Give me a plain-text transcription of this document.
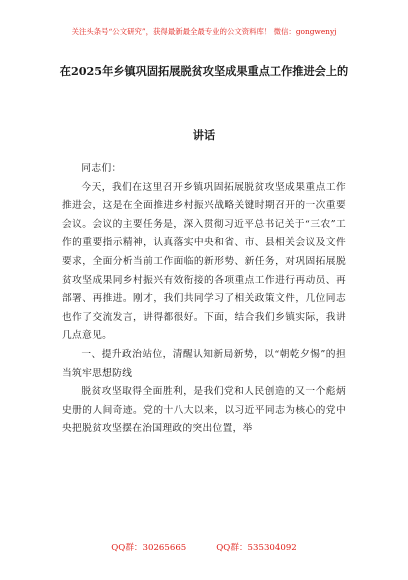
关注头条号“公文研究”，获得最新最全最专业的公文资料库！ 微信：gongwenyj
在2025年乡镇巩固拓展脱贫攻坚成果重点工作推进会上的
讲话

同志们：

今天，我们在这里召开乡镇巩固拓展脱贫攻坚成果重点工作推进会，这是在全面推进乡村振兴战略关键时期召开的一次重要会议。会议的主要任务是，深入贯彻习近平总书记关于“三农”工作的重要指示精神，认真落实中央和省、市、县相关会议及文件要求，全面分析当前工作面临的新形势、新任务，对巩固拓展脱贫攻坚成果同乡村振兴有效衔接的各项重点工作进行再动员、再部署、再推进。刚才，我们共同学习了相关政策文件，几位同志也作了交流发言，讲得都很好。下面，结合我们乡镇实际，我讲几点意见。

一、提升政治站位，清醒认知新局新势，以“朝乾夕惕”的担当筑牢思想防线

脱贫攻坚取得全面胜利，是我们党和人民创造的又一个彪炳史册的人间奇迹。党的十八大以来，以习近平同志为核心的党中央把脱贫攻坚摆在治国理政的突出位置，举

QQ群：30265665	QQ群：535304092
